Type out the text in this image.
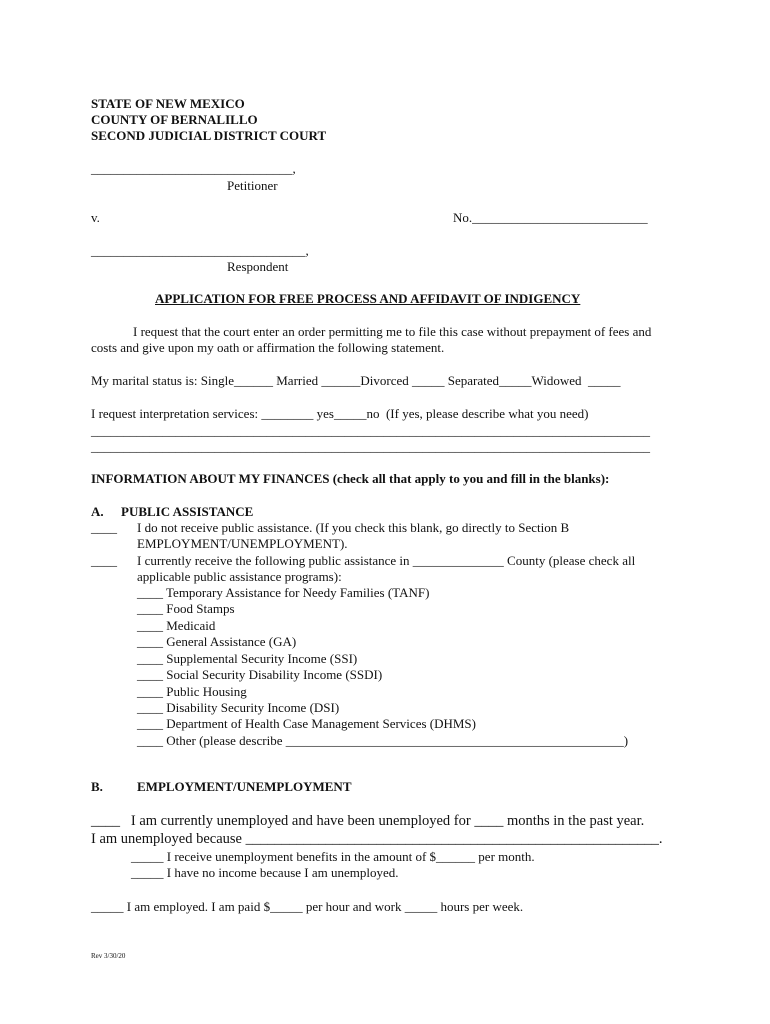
STATE OF NEW MEXICO
COUNTY OF BERNALILLO
SECOND JUDICIAL DISTRICT COURT
_______________________________,
Petitioner
v.	No.___________________________
_________________________________,
Respondent
APPLICATION FOR FREE PROCESS AND AFFIDAVIT OF INDIGENCY
I request that the court enter an order permitting me to file this case without prepayment of fees and
costs and give upon my oath or affirmation the following statement.
My marital status is: Single______ Married ______Divorced _____ Separated_____Widowed  _____
I request interpretation services: ________ yes_____no  (If yes, please describe what you need)
______________________________________________________________________________________
______________________________________________________________________________________
INFORMATION ABOUT MY FINANCES (check all that apply to you and fill in the blanks):
A. PUBLIC ASSISTANCE
____ I do not receive public assistance. (If you check this blank, go directly to Section B
EMPLOYMENT/UNEMPLOYMENT).
____ I currently receive the following public assistance in ______________ County (please check all
applicable public assistance programs):
____ Temporary Assistance for Needy Families (TANF)
____ Food Stamps
____ Medicaid
____ General Assistance (GA)
____ Supplemental Security Income (SSI)
____ Social Security Disability Income (SSDI)
____ Public Housing
____ Disability Security Income (DSI)
____ Department of Health Case Management Services (DHMS)
____ Other (please describe ____________________________________________________)
B.	EMPLOYMENT/UNEMPLOYMENT
____   I am currently unemployed and have been unemployed for ____ months in the past year.
I am unemployed because _________________________________________________________.
_____ I receive unemployment benefits in the amount of $______ per month.
_____ I have no income because I am unemployed.
_____ I am employed. I am paid $_____ per hour and work _____ hours per week.
Rev 3/30/20
